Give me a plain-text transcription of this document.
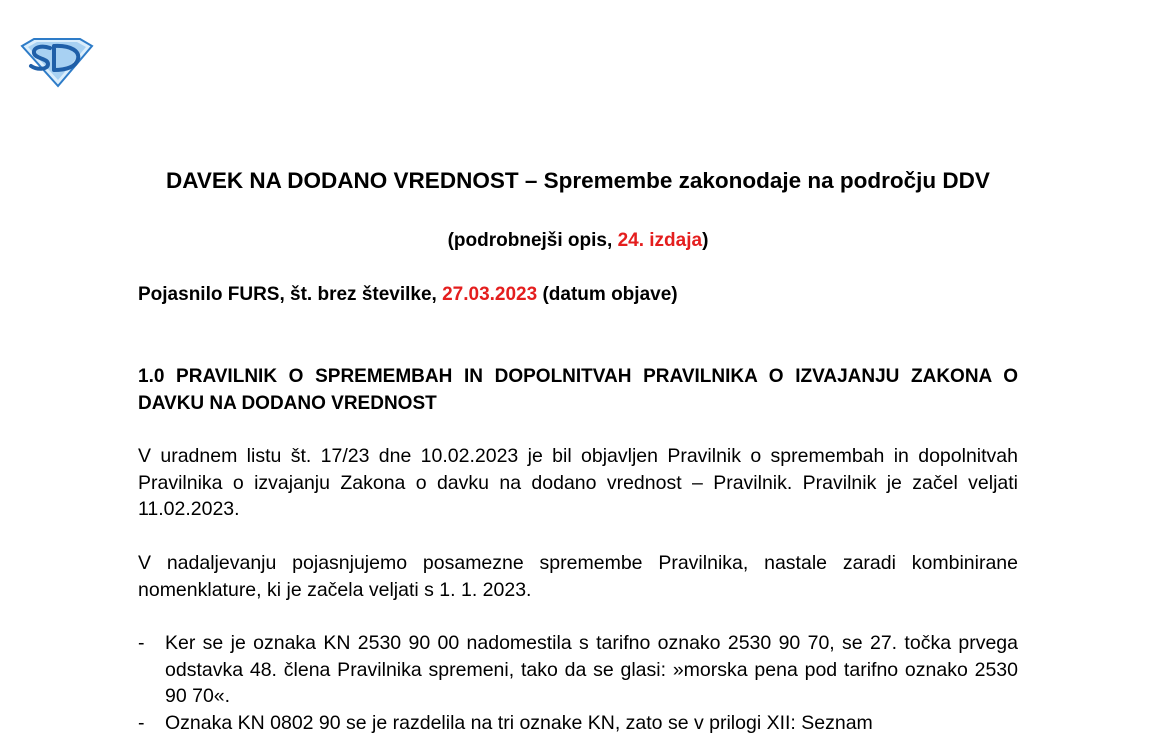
DAVEK NA DODANO VREDNOST – Spremembe zakonodaje na področju DDV
(podrobnejši opis, 24. izdaja)
Pojasnilo FURS, št. brez številke, 27.03.2023 (datum objave)
1.0 PRAVILNIK O SPREMEMBAH IN DOPOLNITVAH PRAVILNIKA O IZVAJANJU ZAKONA O DAVKU NA DODANO VREDNOST
V uradnem listu št. 17/23 dne 10.02.2023 je bil objavljen Pravilnik o spremembah in dopolnitvah Pravilnika o izvajanju Zakona o davku na dodano vrednost – Pravilnik. Pravilnik je začel veljati 11.02.2023.
V nadaljevanju pojasnjujemo posamezne spremembe Pravilnika, nastale zaradi kombinirane nomenklature, ki je začela veljati s 1. 1. 2023.
- Ker se je oznaka KN 2530 90 00 nadomestila s tarifno oznako 2530 90 70, se 27. točka prvega odstavka 48. člena Pravilnika spremeni, tako da se glasi: »morska pena pod tarifno oznako 2530 90 70«.
- Oznaka KN 0802 90 se je razdelila na tri oznake KN, zato se v prilogi XII: Seznam
